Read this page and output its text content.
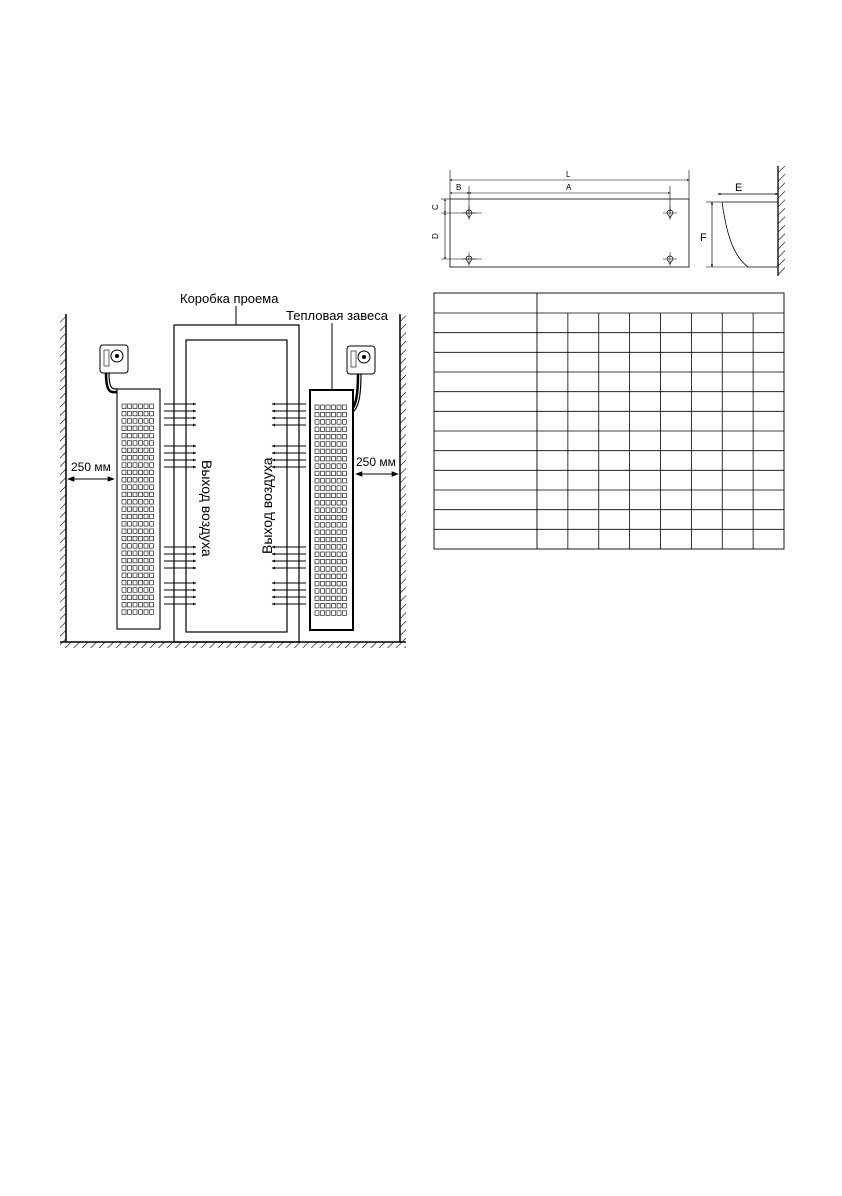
Коробка проема
Тепловая завеса
250 мм	250 мм
Выход воздуха	Выход воздуха
L
A
B
C
D
E
F
